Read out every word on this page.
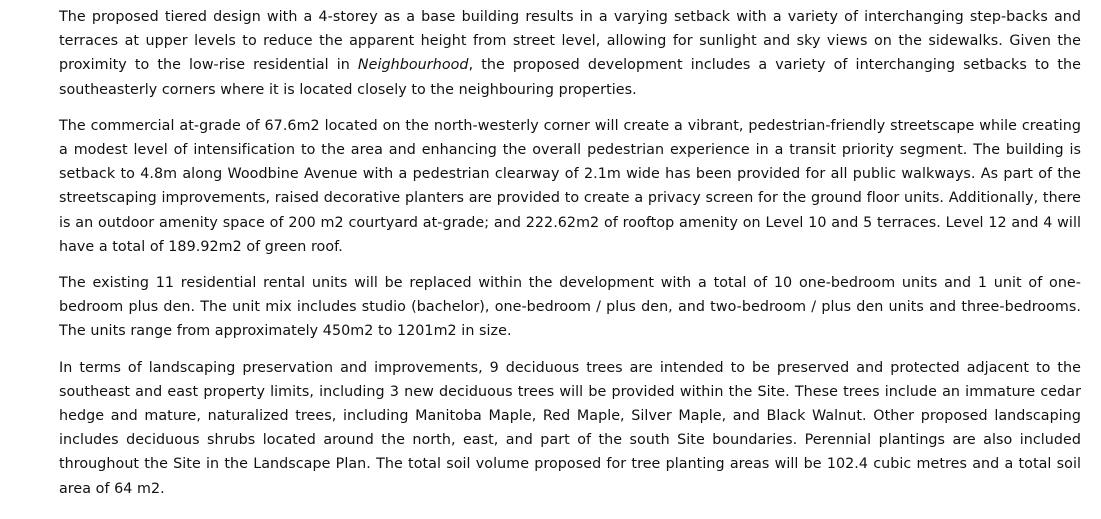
The proposed tiered design with a 4-storey as a base building results in a varying setback with a variety of interchanging step-backs and terraces at upper levels to reduce the apparent height from street level, allowing for sunlight and sky views on the sidewalks. Given the proximity to the low-rise residential in Neighbourhood, the proposed development includes a variety of interchanging setbacks to the southeasterly corners where it is located closely to the neighbouring properties.

The commercial at-grade of 67.6m2 located on the north-westerly corner will create a vibrant, pedestrian-friendly streetscape while creating a modest level of intensification to the area and enhancing the overall pedestrian experience in a transit priority segment. The building is setback to 4.8m along Woodbine Avenue with a pedestrian clearway of 2.1m wide has been provided for all public walkways. As part of the streetscaping improvements, raised decorative planters are provided to create a privacy screen for the ground floor units. Additionally, there is an outdoor amenity space of 200 m2 courtyard at-grade; and 222.62m2 of rooftop amenity on Level 10 and 5 terraces. Level 12 and 4 will have a total of 189.92m2 of green roof.

The existing 11 residential rental units will be replaced within the development with a total of 10 one-bedroom units and 1 unit of one-bedroom plus den. The unit mix includes studio (bachelor), one-bedroom / plus den, and two-bedroom / plus den units and three-bedrooms. The units range from approximately 450m2 to 1201m2 in size.

In terms of landscaping preservation and improvements, 9 deciduous trees are intended to be preserved and protected adjacent to the southeast and east property limits, including 3 new deciduous trees will be provided within the Site. These trees include an immature cedar hedge and mature, naturalized trees, including Manitoba Maple, Red Maple, Silver Maple, and Black Walnut. Other proposed landscaping includes deciduous shrubs located around the north, east, and part of the south Site boundaries. Perennial plantings are also included throughout the Site in the Landscape Plan. The total soil volume proposed for tree planting areas will be 102.4 cubic metres and a total soil area of 64 m2.
